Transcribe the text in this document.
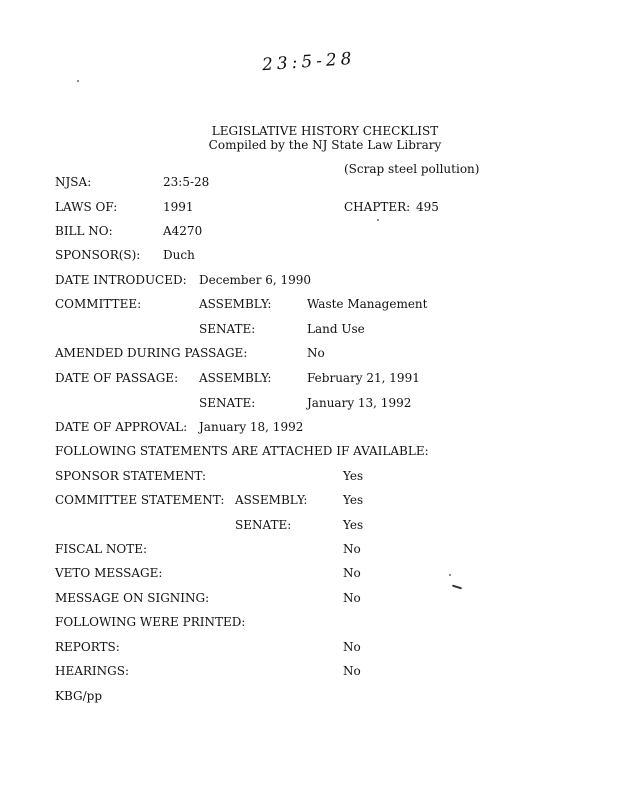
23:5-28
LEGISLATIVE HISTORY CHECKLIST
Compiled by the NJ State Law Library
(Scrap steel pollution)
NJSA:	23:5-28
LAWS OF:	1991	CHAPTER: 495
BILL NO:	A4270
SPONSOR(S): Duch
DATE INTRODUCED: December 6, 1990
COMMITTEE:	ASSEMBLY:	Waste Management
SENATE:	Land Use
AMENDED DURING PASSAGE:	No
DATE OF PASSAGE: ASSEMBLY:	February 21, 1991
SENATE:	January 13, 1992
DATE OF APPROVAL: January 18, 1992
FOLLOWING STATEMENTS ARE ATTACHED IF AVAILABLE:
SPONSOR STATEMENT:	Yes
COMMITTEE STATEMENT: ASSEMBLY:	Yes
SENATE:	Yes
FISCAL NOTE:	No
VETO MESSAGE:	No
MESSAGE ON SIGNING:	No
FOLLOWING WERE PRINTED:
REPORTS:	No
HEARINGS:	No
KBG/pp
